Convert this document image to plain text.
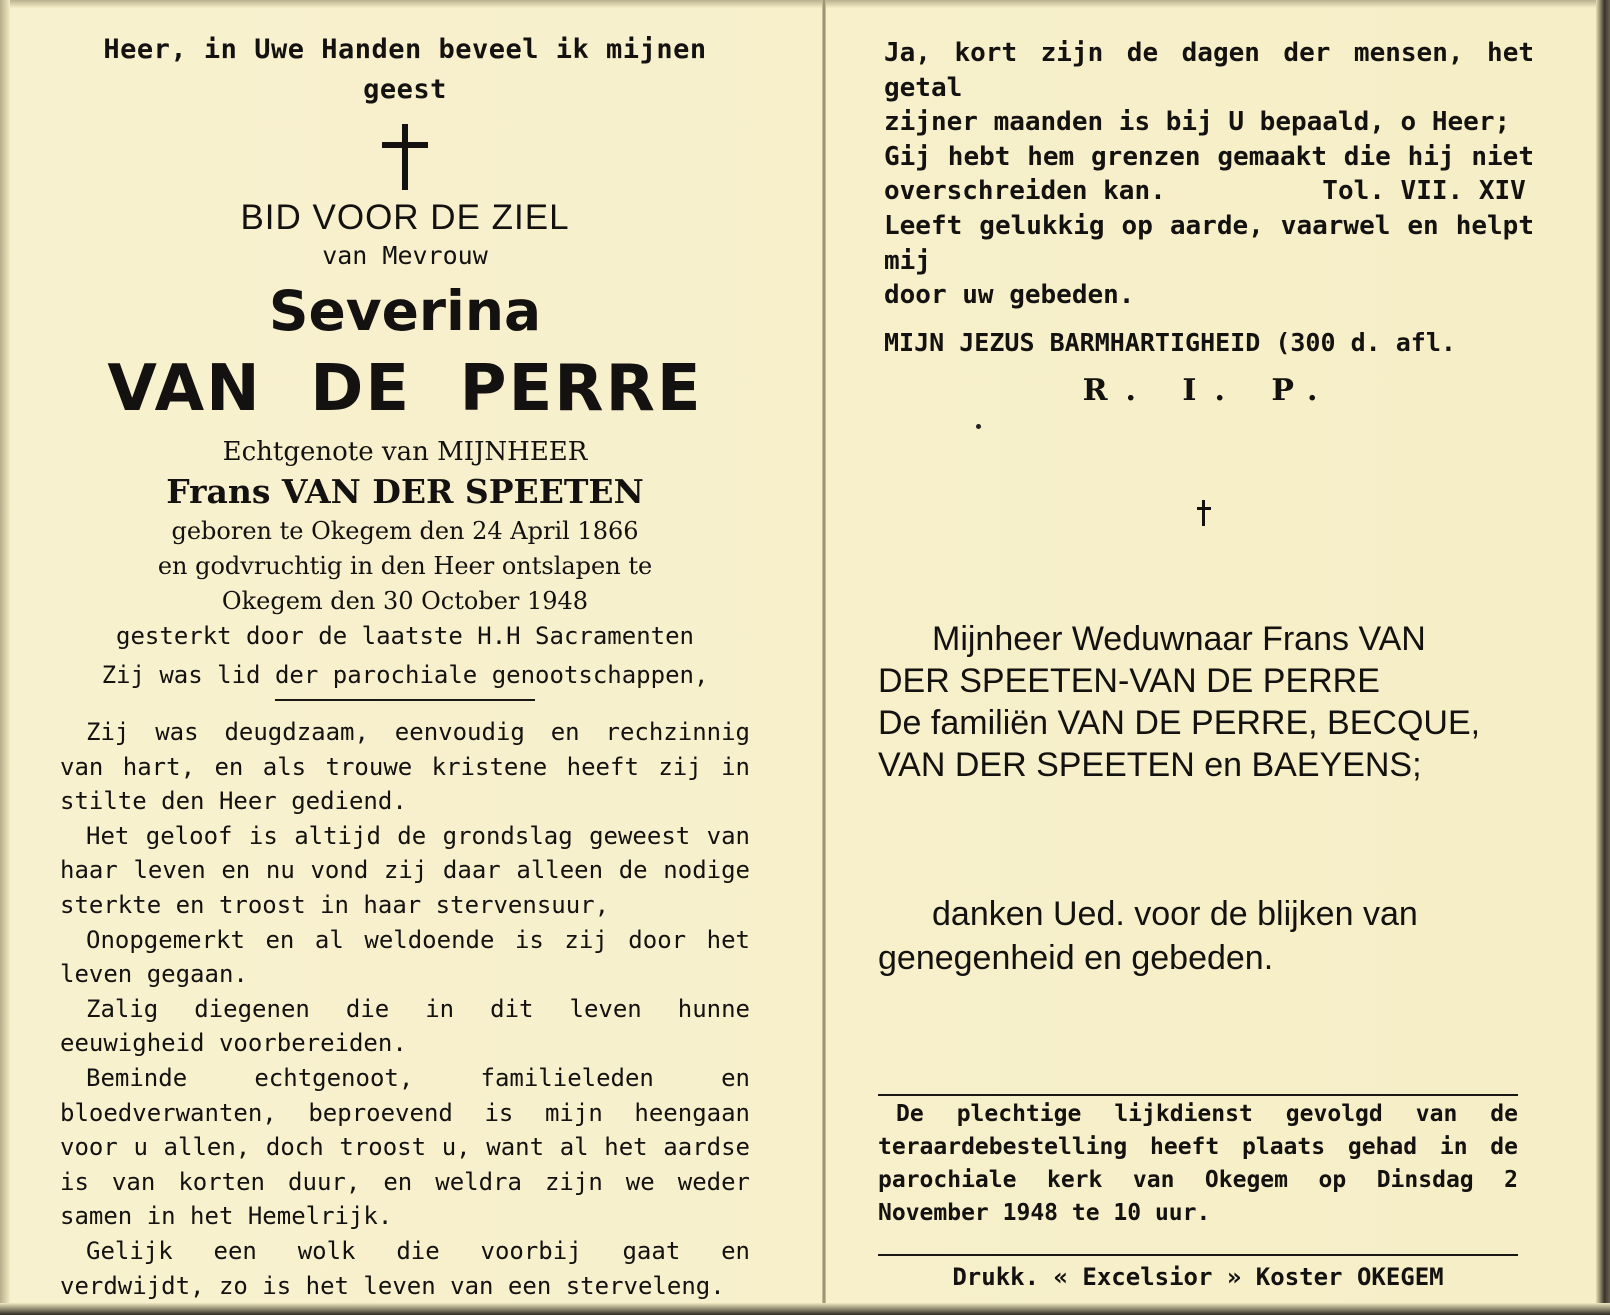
Heer, in Uwe Handen beveel ik mijnen geest

BID VOOR DE ZIEL

van Mevrouw

Severina

VAN  DE  PERRE

Echtgenote van MIJNHEER

Frans VAN DER SPEETEN

geboren te Okegem den 24 April 1866

en godvruchtig in den Heer ontslapen te

Okegem den 30 October 1948

gesterkt door de laatste H.H Sacramenten

Zij was lid der parochiale genootschappen,

Zij was deugdzaam, eenvoudig en rechzinnig van hart, en als trouwe kristene heeft zij in stilte den Heer gediend.

Het geloof is altijd de grondslag geweest van haar leven en nu vond zij daar alleen de nodige sterkte en troost in haar stervensuur,

Onopgemerkt en al weldoende is zij door het leven gegaan.

Zalig diegenen die in dit leven hunne eeuwigheid voorbereiden.

Beminde echtgenoot, familieleden en bloedverwanten, beproevend is mijn heengaan voor u allen, doch troost u, want al het aardse is van korten duur, en weldra zijn we weder samen in het Hemelrijk.

Gelijk een wolk die voorbij gaat en verdwijdt, zo is het leven van een sterveleng.

Ja, kort zijn de dagen der mensen, het getal
zijner maanden is bij U bepaald, o Heer;
Gij hebt hem grenzen gemaakt die hij niet
overschreiden kan.          Tol. VII. XIV
Leeft gelukkig op aarde, vaarwel en helpt mij
door uw gebeden.

MIJN JEZUS BARMHARTIGHEID (300 d. afl.

R. I. P.

Mijnheer Weduwnaar Frans VAN

DER SPEETEN-VAN DE PERRE

De familiën VAN DE PERRE, BECQUE,

VAN DER SPEETEN en BAEYENS;

danken Ued. voor de blijken van

genegenheid en gebeden.

De plechtige lijkdienst gevolgd van de teraardebestelling heeft plaats gehad in de parochiale kerk van Okegem op Dinsdag 2 November 1948 te 10 uur.

Drukk. « Excelsior » Koster OKEGEM
